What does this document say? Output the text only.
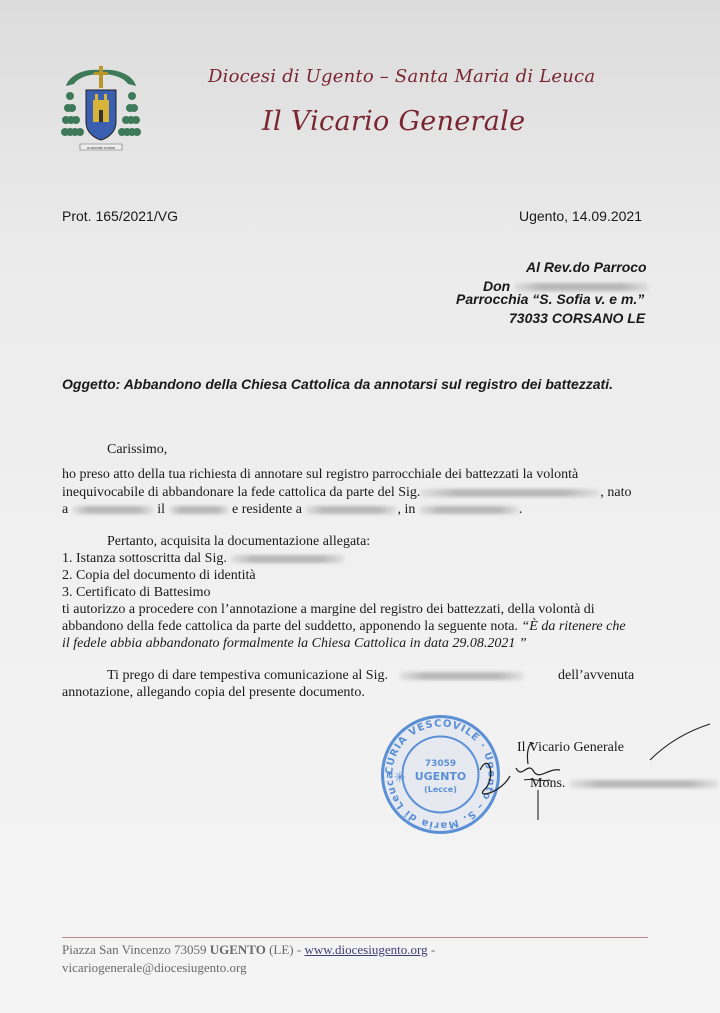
IN NOMINE DOMINI
Diocesi di Ugento – Santa Maria di Leuca
Il Vicario Generale
Prot. 165/2021/VG	Ugento, 14.09.2021
Al Rev.do Parroco
Don
Parrocchia “S. Sofia v. e m.”
73033 CORSANO LE
Oggetto: Abbandono della Chiesa Cattolica da annotarsi sul registro dei battezzati.
Carissimo,
ho preso atto della tua richiesta di annotare sul registro parrocchiale dei battezzati la volontà
inequivocabile di abbandonare la fede cattolica da parte del Sig.	, nato
a	il	e residente a	, in	.
Pertanto, acquisita la documentazione allegata:
1. Istanza sottoscritta dal Sig.
2. Copia del documento di identità
3. Certificato di Battesimo
ti autorizzo a procedere con l’annotazione a margine del registro dei battezzati, della volontà di
abbandono della fede cattolica da parte del suddetto, apponendo la seguente nota. “È da ritenere che
il fedele abbia abbandonato formalmente la Chiesa Cattolica in data 29.08.2021 ”
Ti prego di dare tempestiva comunicazione al Sig.	dell’avvenuta
annotazione, allegando copia del presente documento.
CURIA VESCOVILE · Ugento – S. Maria di Leuca
73059
UGENTO
(Lecce)
✳
Il Vicario Generale
Mons.
Piazza San Vincenzo 73059 UGENTO (LE) - www.diocesiugento.org -
vicariogenerale@diocesiugento.org
